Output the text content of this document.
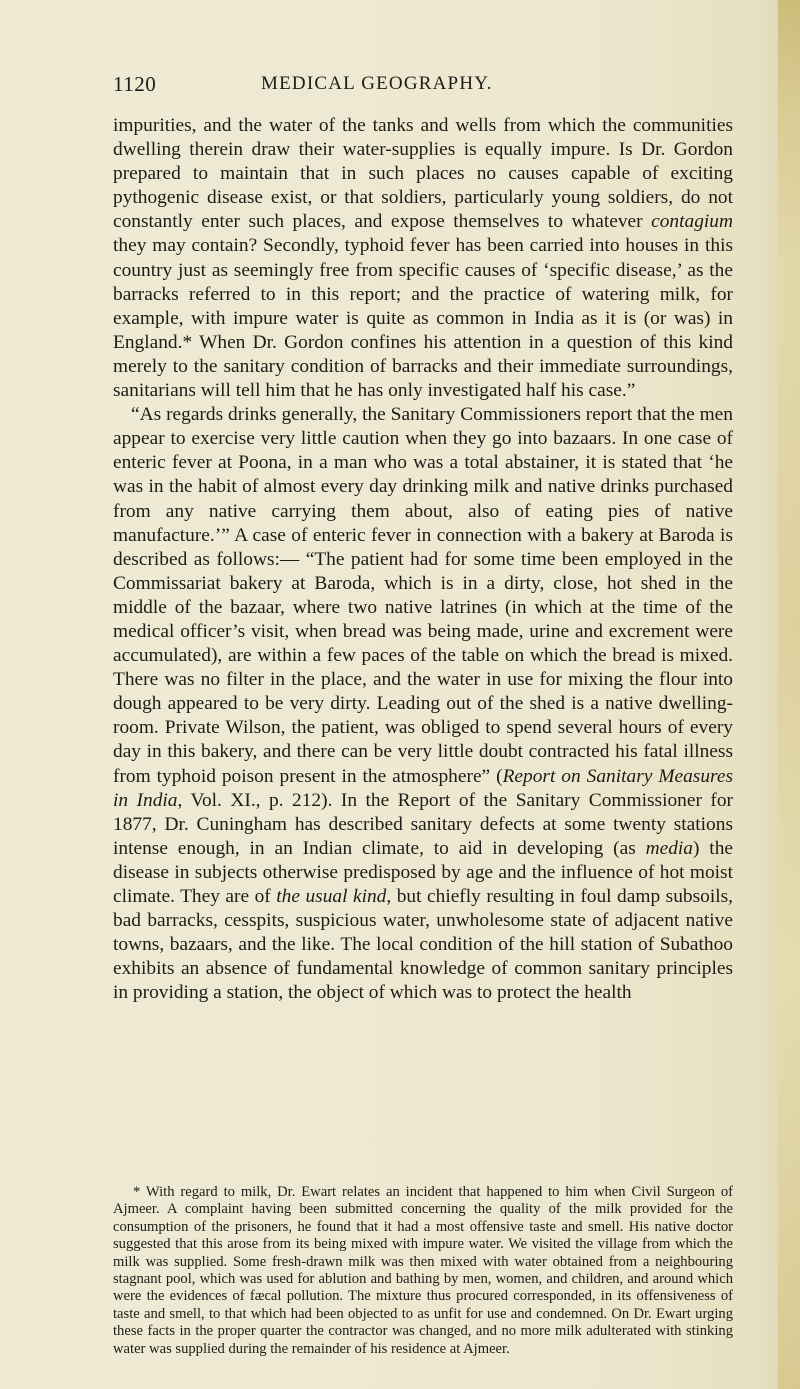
1120	MEDICAL GEOGRAPHY.

impurities, and the water of the tanks and wells from which the communities dwelling therein draw their water-supplies is equally impure. Is Dr. Gordon prepared to maintain that in such places no causes capable of exciting pythogenic disease exist, or that soldiers, particularly young soldiers, do not constantly enter such places, and expose themselves to whatever contagium they may contain? Secondly, typhoid fever has been carried into houses in this country just as seemingly free from specific causes of ‘specific disease,’ as the barracks referred to in this report; and the practice of watering milk, for example, with impure water is quite as common in India as it is (or was) in England.* When Dr. Gordon confines his attention in a question of this kind merely to the sanitary condition of barracks and their immediate surroundings, sanitarians will tell him that he has only investigated half his case.”

“As regards drinks generally, the Sanitary Commissioners report that the men appear to exercise very little caution when they go into bazaars. In one case of enteric fever at Poona, in a man who was a total abstainer, it is stated that ‘he was in the habit of almost every day drinking milk and native drinks purchased from any native carrying them about, also of eating pies of native manufacture.’” A case of enteric fever in connection with a bakery at Baroda is described as follows:— “The patient had for some time been employed in the Commissariat bakery at Baroda, which is in a dirty, close, hot shed in the middle of the bazaar, where two native latrines (in which at the time of the medical officer’s visit, when bread was being made, urine and excrement were accumulated), are within a few paces of the table on which the bread is mixed. There was no filter in the place, and the water in use for mixing the flour into dough appeared to be very dirty. Leading out of the shed is a native dwelling-room. Private Wilson, the patient, was obliged to spend several hours of every day in this bakery, and there can be very little doubt contracted his fatal illness from typhoid poison present in the atmosphere” (Report on Sanitary Measures in India, Vol. XI., p. 212). In the Report of the Sanitary Commissioner for 1877, Dr. Cuningham has described sanitary defects at some twenty stations intense enough, in an Indian climate, to aid in developing (as media) the disease in subjects otherwise predisposed by age and the influence of hot moist climate. They are of the usual kind, but chiefly resulting in foul damp subsoils, bad barracks, cesspits, suspicious water, unwholesome state of adjacent native towns, bazaars, and the like. The local condition of the hill station of Subathoo exhibits an absence of fundamental knowledge of common sanitary principles in providing a station, the object of which was to protect the health

* With regard to milk, Dr. Ewart relates an incident that happened to him when Civil Surgeon of Ajmeer. A complaint having been submitted concerning the quality of the milk provided for the consumption of the prisoners, he found that it had a most offensive taste and smell. His native doctor suggested that this arose from its being mixed with impure water. We visited the village from which the milk was supplied. Some fresh-drawn milk was then mixed with water obtained from a neighbouring stagnant pool, which was used for ablution and bathing by men, women, and children, and around which were the evidences of fæcal pollution. The mixture thus procured corresponded, in its offensiveness of taste and smell, to that which had been objected to as unfit for use and condemned. On Dr. Ewart urging these facts in the proper quarter the contractor was changed, and no more milk adulterated with stinking water was supplied during the remainder of his residence at Ajmeer.
